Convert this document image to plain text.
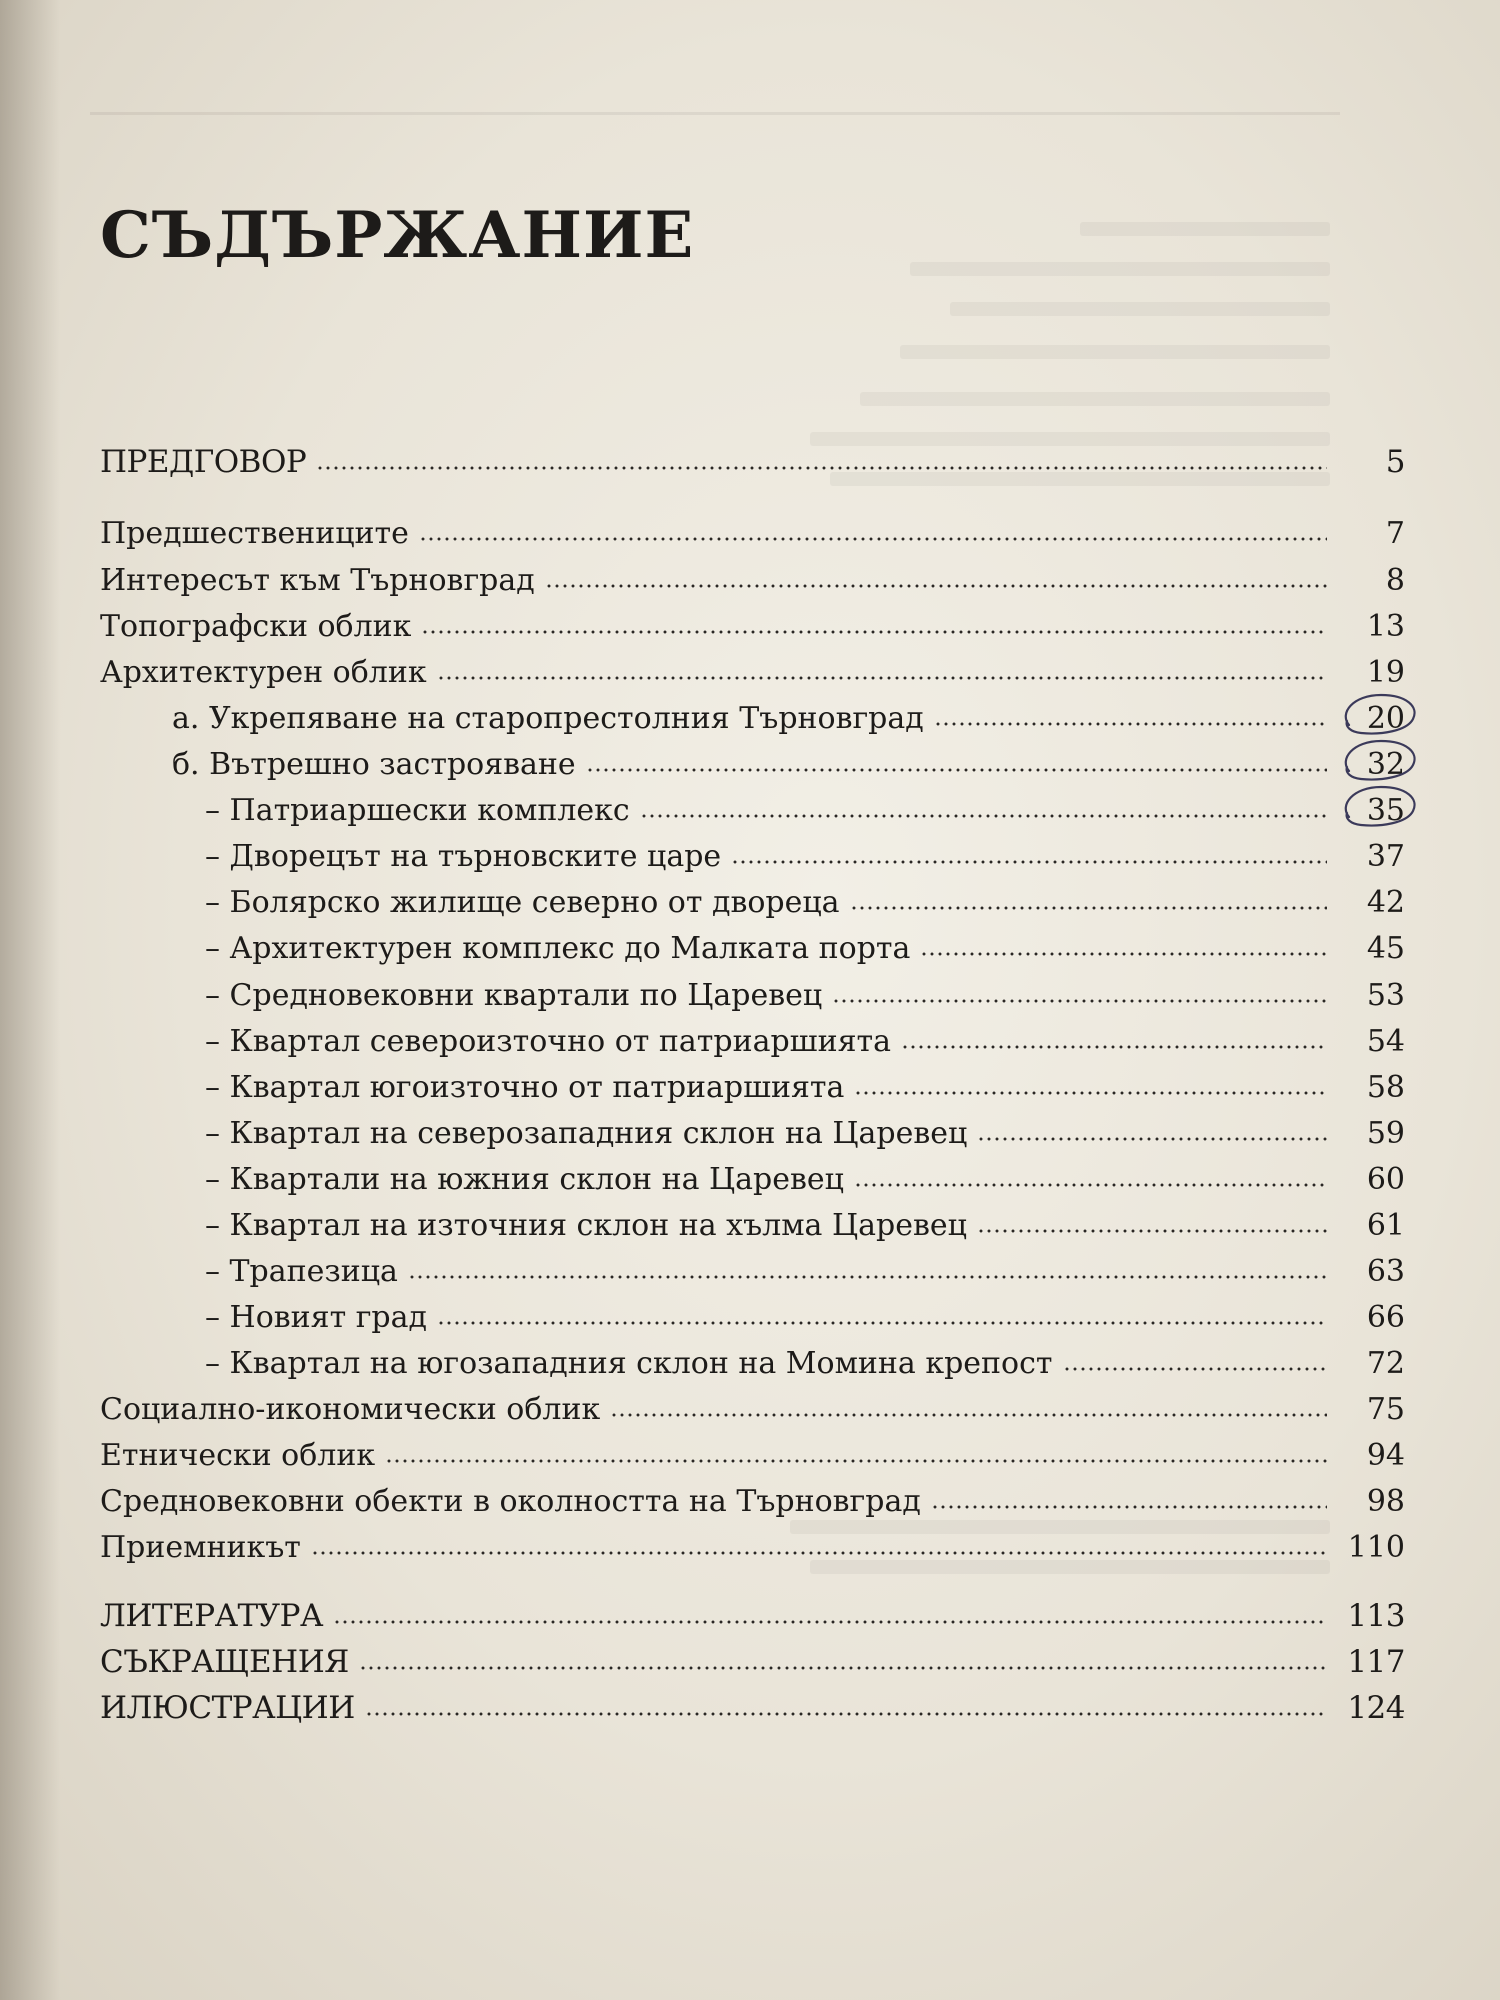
СЪДЪРЖАНИЕ
ПРЕДГОВОР	5
Предшествениците	7
Интересът към Търновград	8
Топографски облик	13
Архитектурен облик	19
а. Укрепяване на старопрестолния Търновград	20
б. Вътрешно застрояване	32
– Патриаршески комплекс	35
– Дворецът на търновските царе	37
– Болярско жилище северно от двореца	42
– Архитектурен комплекс до Малката порта	45
– Средновековни квартали по Царевец	53
– Квартал североизточно от патриаршията	54
– Квартал югоизточно от патриаршията	58
– Квартал на северозападния склон на Царевец	59
– Квартали на южния склон на Царевец	60
– Квартал на източния склон на хълма Царевец	61
– Трапезица	63
– Новият град	66
– Квартал на югозападния склон на Момина крепост	72
Социално-икономически облик	75
Етнически облик	94
Средновековни обекти в околността на Търновград	98
Приемникът	110
ЛИТЕРАТУРА	113
СЪКРАЩЕНИЯ	117
ИЛЮСТРАЦИИ	124
